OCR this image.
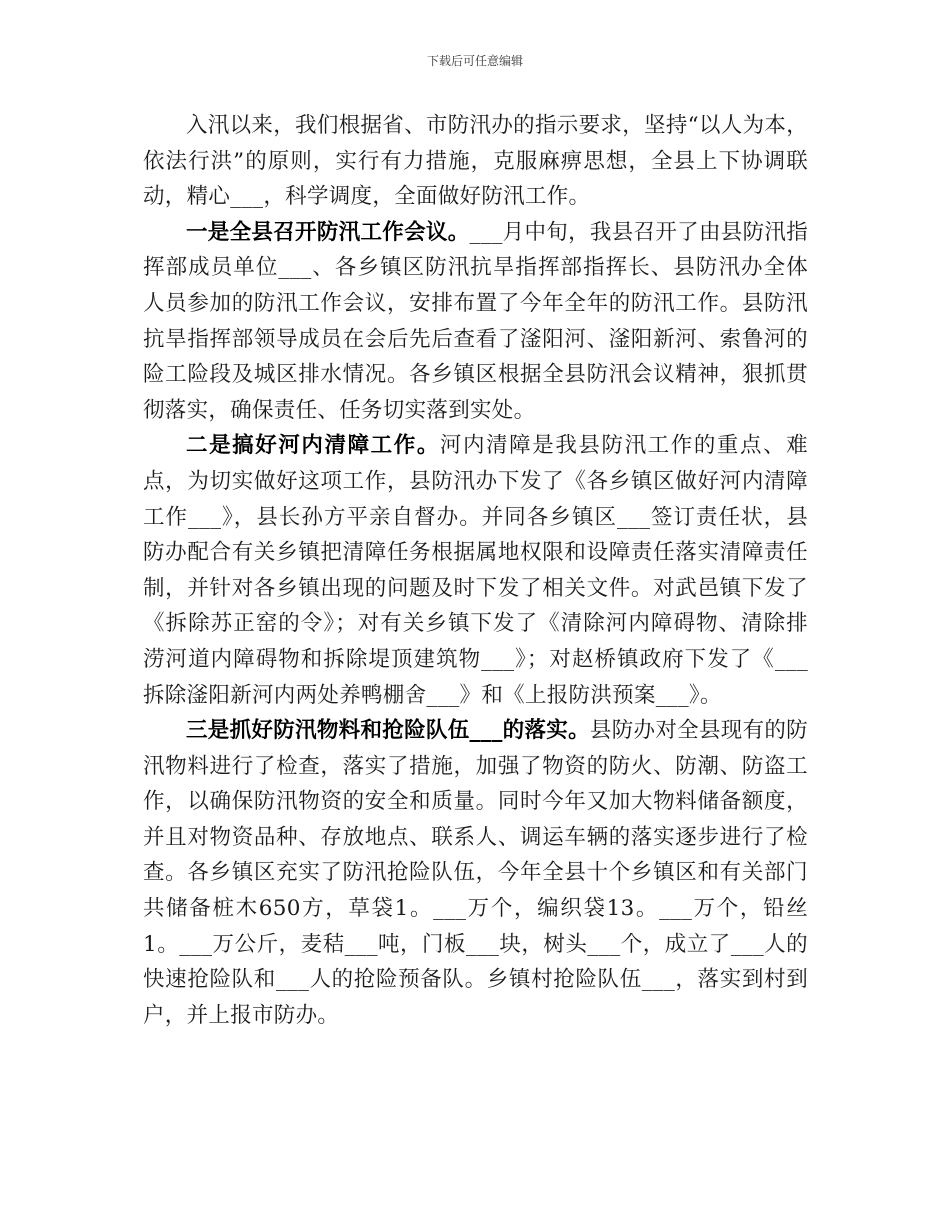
下载后可任意编辑

入汛以来，我们根据省、市防汛办的指示要求，坚持“以人为本，依法行洪”的原则，实行有力措施，克服麻痹思想，全县上下协调联动，精心___，科学调度，全面做好防汛工作。

一是全县召开防汛工作会议。___月中旬，我县召开了由县防汛指挥部成员单位___、各乡镇区防汛抗旱指挥部指挥长、县防汛办全体人员参加的防汛工作会议，安排布置了今年全年的防汛工作。县防汛抗旱指挥部领导成员在会后先后查看了滏阳河、滏阳新河、索鲁河的险工险段及城区排水情况。各乡镇区根据全县防汛会议精神，狠抓贯彻落实，确保责任、任务切实落到实处。

二是搞好河内清障工作。河内清障是我县防汛工作的重点、难点，为切实做好这项工作，县防汛办下发了《各乡镇区做好河内清障工作___》，县长孙方平亲自督办。并同各乡镇区___签订责任状，县防办配合有关乡镇把清障任务根据属地权限和设障责任落实清障责任制，并针对各乡镇出现的问题及时下发了相关文件。对武邑镇下发了《拆除苏正窑的令》；对有关乡镇下发了《清除河内障碍物、清除排涝河道内障碍物和拆除堤顶建筑物___》；对赵桥镇政府下发了《___拆除滏阳新河内两处养鸭棚舍___》和《上报防洪预案___》。

三是抓好防汛物料和抢险队伍___的落实。县防办对全县现有的防汛物料进行了检查，落实了措施，加强了物资的防火、防潮、防盗工作，以确保防汛物资的安全和质量。同时今年又加大物料储备额度，并且对物资品种、存放地点、联系人、调运车辆的落实逐步进行了检查。各乡镇区充实了防汛抢险队伍，今年全县十个乡镇区和有关部门共储备桩木650方，草袋1。___万个，编织袋13。___万个，铅丝1。___万公斤，麦秸___吨，门板___块，树头___个，成立了___人的快速抢险队和___人的抢险预备队。乡镇村抢险队伍___，落实到村到户，并上报市防办。
